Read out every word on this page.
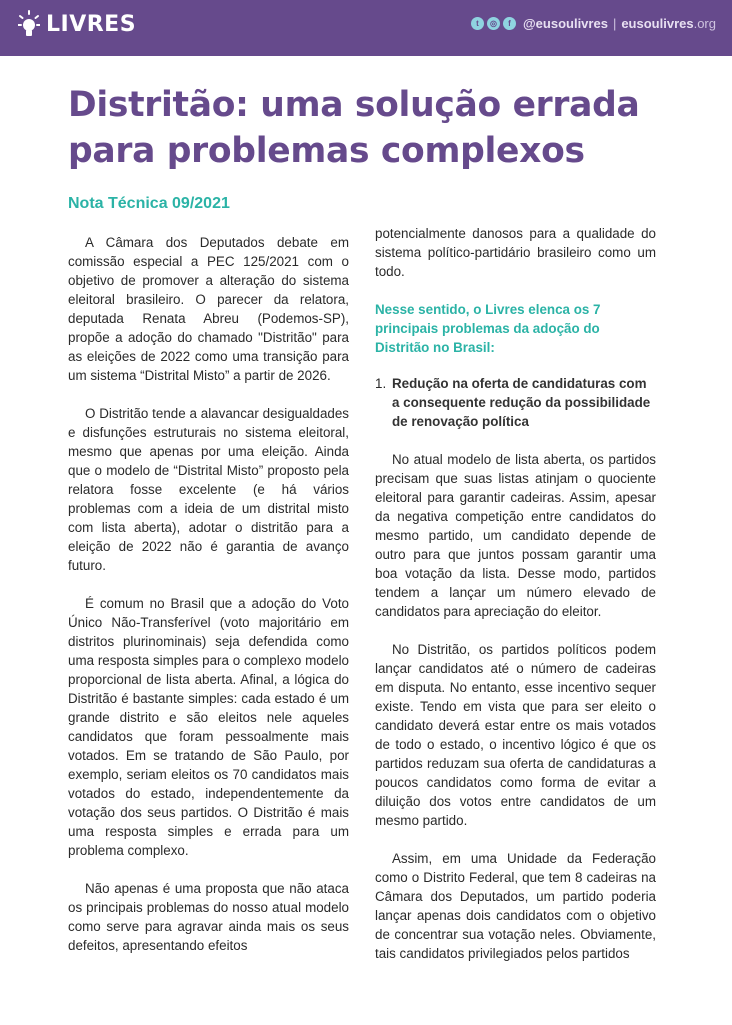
LIVRES	t	◎	f @eusoulivres | eusoulivres.org
Distritão: uma solução errada para problemas complexos
Nota Técnica 09/2021

A Câmara dos Deputados debate em comissão especial a PEC 125/2021 com o objetivo de promover a alteração do sistema eleitoral brasileiro. O parecer da relatora, deputada Renata Abreu (Podemos-SP), propõe a adoção do chamado "Distritão" para as eleições de 2022 como uma transição para um sistema “Distrital Misto” a partir de 2026.

O Distritão tende a alavancar desigualdades e disfunções estruturais no sistema eleitoral, mesmo que apenas por uma eleição. Ainda que o modelo de “Distrital Misto” proposto pela relatora fosse excelente (e há vários problemas com a ideia de um distrital misto com lista aberta), adotar o distritão para a eleição de 2022 não é garantia de avanço futuro.

É comum no Brasil que a adoção do Voto Único Não-Transferível (voto majoritário em distritos plurinominais) seja defendida como uma resposta simples para o complexo modelo proporcional de lista aberta. Afinal, a lógica do Distritão é bastante simples: cada estado é um grande distrito e são eleitos nele aqueles candidatos que foram pessoalmente mais votados. Em se tratando de São Paulo, por exemplo, seriam eleitos os 70 candidatos mais votados do estado, independentemente da votação dos seus partidos. O Distritão é mais uma resposta simples e errada para um problema complexo.

Não apenas é uma proposta que não ataca os principais problemas do nosso atual modelo como serve para agravar ainda mais os seus defeitos, apresentando efeitos

potencialmente danosos para a qualidade do sistema político-partidário brasileiro como um todo.

Nesse sentido, o Livres elenca os 7 principais problemas da adoção do Distritão no Brasil:

1. Redução na oferta de candidaturas com a consequente redução da possibilidade de renovação política

No atual modelo de lista aberta, os partidos precisam que suas listas atinjam o quociente eleitoral para garantir cadeiras. Assim, apesar da negativa competição entre candidatos do mesmo partido, um candidato depende de outro para que juntos possam garantir uma boa votação da lista. Desse modo, partidos tendem a lançar um número elevado de candidatos para apreciação do eleitor.

No Distritão, os partidos políticos podem lançar candidatos até o número de cadeiras em disputa. No entanto, esse incentivo sequer existe. Tendo em vista que para ser eleito o candidato deverá estar entre os mais votados de todo o estado, o incentivo lógico é que os partidos reduzam sua oferta de candidaturas a poucos candidatos como forma de evitar a diluição dos votos entre candidatos de um mesmo partido.

Assim, em uma Unidade da Federação como o Distrito Federal, que tem 8 cadeiras na Câmara dos Deputados, um partido poderia lançar apenas dois candidatos com o objetivo de concentrar sua votação neles. Obviamente, tais candidatos privilegiados pelos partidos
